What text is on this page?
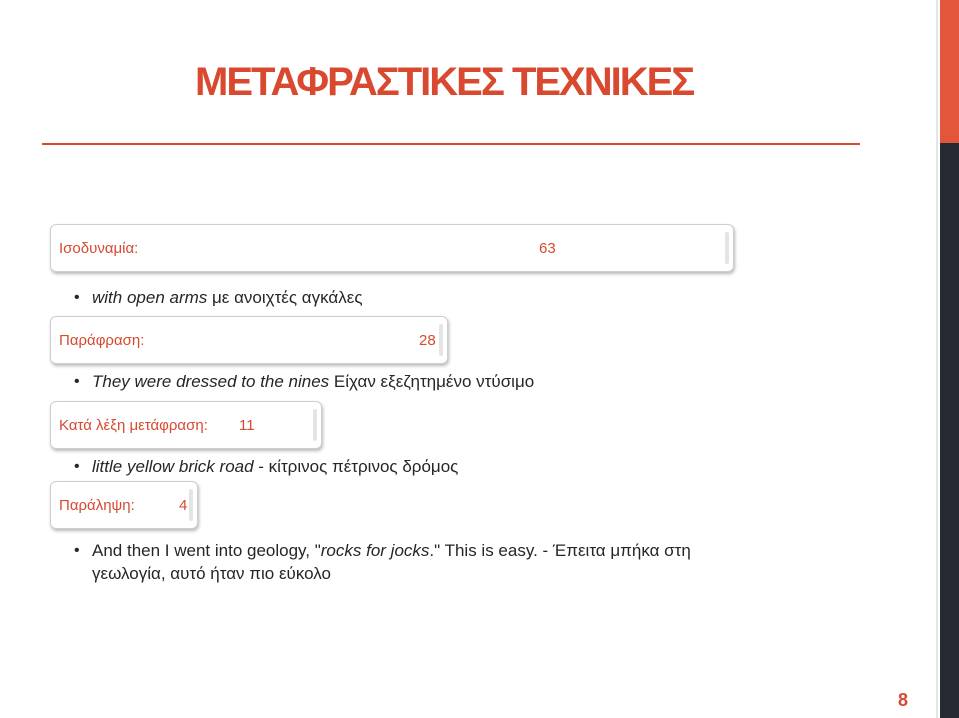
ΜΕΤΑΦΡΑΣΤΙΚΕΣ ΤΕΧΝΙΚΕΣ
Ισοδυναμία:	63
• with open arms με ανοιχτές αγκάλες
Παράφραση:	28
• They were dressed to the nines Είχαν εξεζητημένο ντύσιμο
Κατά λέξη μετάφραση: 11
• little yellow brick road - κίτρινος πέτρινος δρόμος
Παράληψη:	4
• And then I went into geology, "rocks for jocks." This is easy. - Έπειτα μπήκα στη
γεωλογία, αυτό ήταν πιο εύκολο
8
